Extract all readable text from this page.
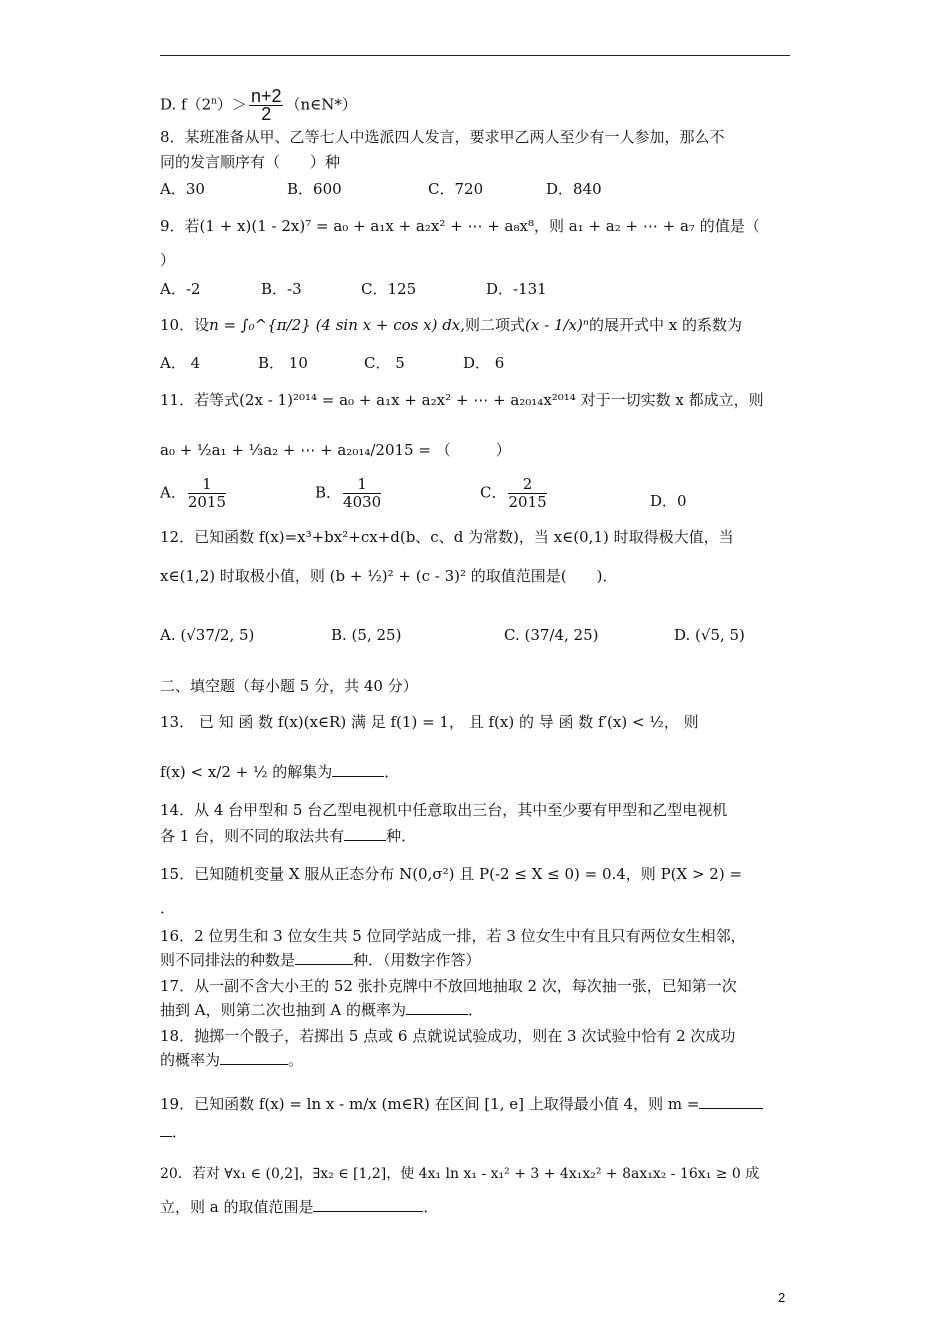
D. $f(2^n)> \frac{n+2}{2}$ （n∈N*）
8．某班准备从甲、乙等七人中选派四人发言，要求甲乙两人至少有一人参加，那么不
同的发言顺序有（　　）种
A．30	B．600	C．720	D．840
9．若(1 + x)(1 - 2x)⁷ = a₀ + a₁x + a₂x² + ⋯ + a₈x⁸，则 a₁ + a₂ + ⋯ + a₇ 的值是（
）
A．-2	B．-3	C．125	D．-131
10．设n = ∫₀^{π/2} (4 sin x + cos x) dx,则二项式(x - 1/x)ⁿ的展开式中 x 的系数为
A． 4	B． 10	C． 5	D． 6
11．若等式(2x - 1)²⁰¹⁴ = a₀ + a₁x + a₂x² + ⋯ + a₂₀₁₄x²⁰¹⁴ 对于一切实数 x 都成立，则
a₀ + ½a₁ + ⅓a₂ + ⋯ + a₂₀₁₄/2015 = （　　　）
A． $\frac{1}{2015}$	B． $\frac{1}{4030}$	C． $\frac{2}{2015}$	D．0
12．已知函数 f(x)=x³+bx²+cx+d(b、c、d 为常数)，当 x∈(0,1) 时取得极大值，当
x∈(1,2) 时取极小值，则 (b + ½)² + (c - 3)² 的取值范围是(　　)．
A. (√37/2, 5)	B. (5, 25)	C. (37/4, 25)	D. (√5, 5)
二、填空题（每小题 5 分，共 40 分）
13． 已 知 函 数 f(x)(x∈R) 满 足 f(1) = 1， 且 f(x) 的 导 函 数 f′(x) < ½， 则
f(x) < x/2 + ½ 的解集为	．
14．从 4 台甲型和 5 台乙型电视机中任意取出三台，其中至少要有甲型和乙型电视机
各 1 台，则不同的取法共有	种．
15．已知随机变量 X 服从正态分布 N(0,σ²) 且 P(-2 ≤ X ≤ 0) = 0.4，则 P(X > 2) =
．
16．2 位男生和 3 位女生共 5 位同学站成一排，若 3 位女生中有且只有两位女生相邻，
则不同排法的种数是	种．（用数字作答）
17．从一副不含大小王的 52 张扑克牌中不放回地抽取 2 次，每次抽一张，已知第一次
抽到 A，则第二次也抽到 A 的概率为	．
18．抛掷一个骰子，若掷出 5 点或 6 点就说试验成功，则在 3 次试验中恰有 2 次成功
的概率为	。
19．已知函数 f(x) = ln x - m/x (m∈R) 在区间 [1, e] 上取得最小值 4，则 m =
．
20．若对 ∀x₁ ∈ (0,2]，∃x₂ ∈ [1,2]，使 4x₁ ln x₁ - x₁² + 3 + 4x₁x₂² + 8ax₁x₂ - 16x₁ ≥ 0 成
立，则 a 的取值范围是	．
2
